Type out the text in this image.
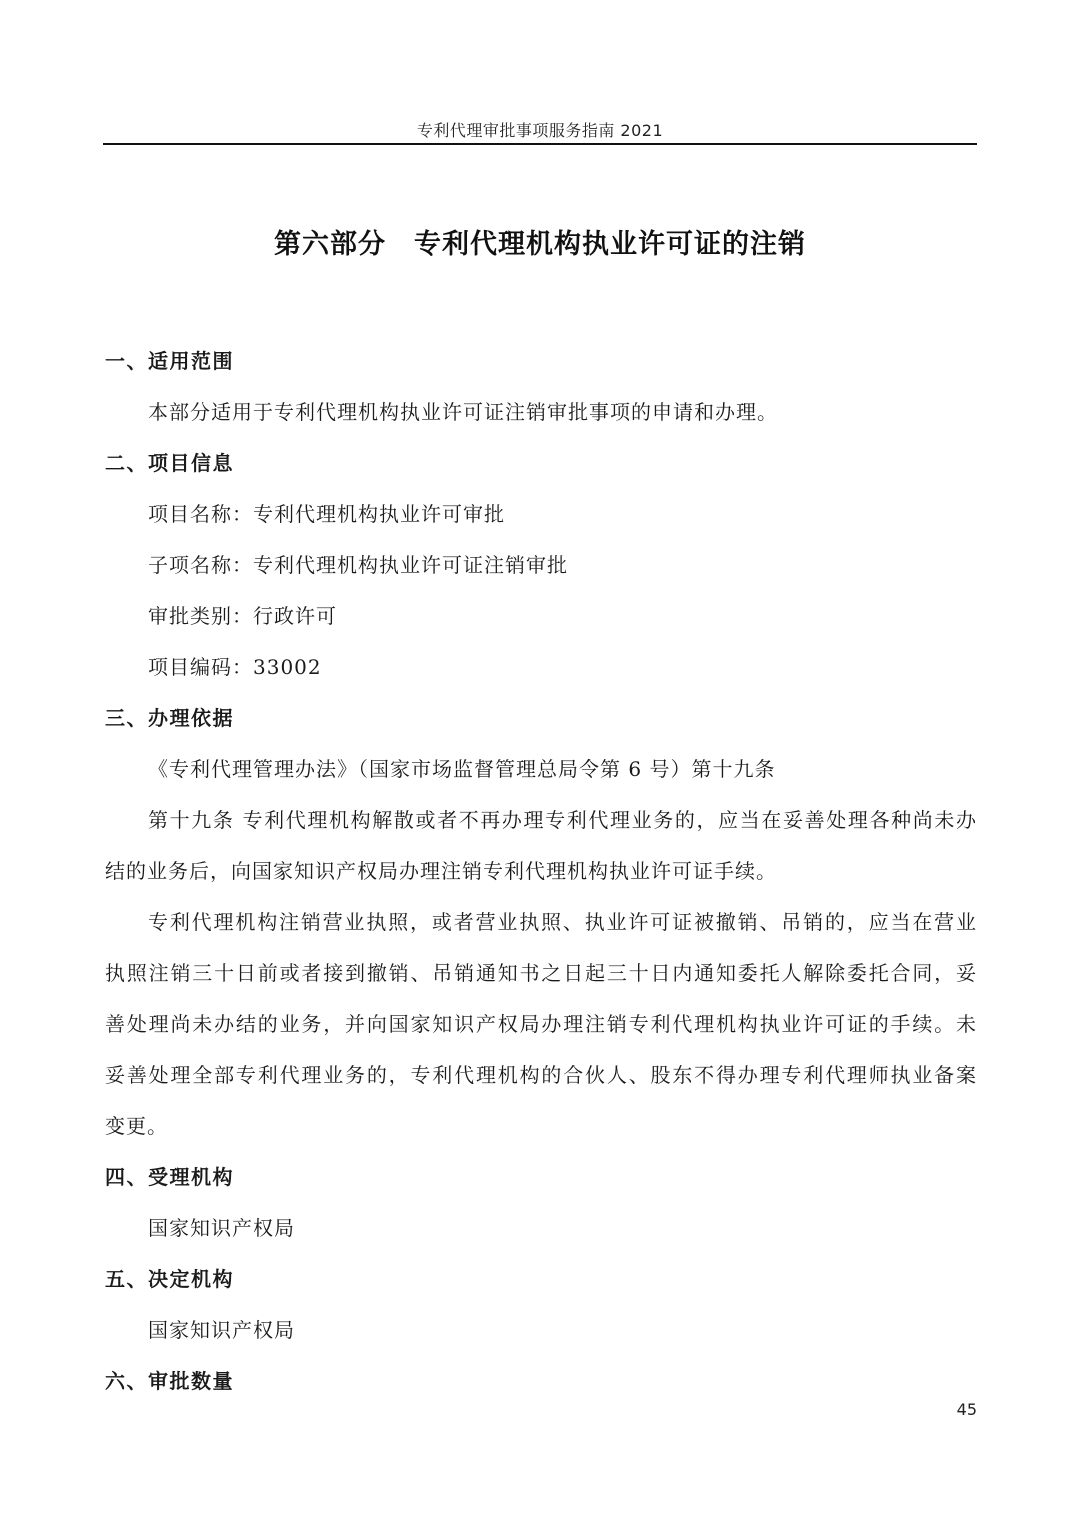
专利代理审批事项服务指南 2021
第六部分 专利代理机构执业许可证的注销
一、适用范围
本部分适用于专利代理机构执业许可证注销审批事项的申请和办理。
二、项目信息
项目名称：专利代理机构执业许可审批
子项名称：专利代理机构执业许可证注销审批
审批类别：行政许可
项目编码：33002
三、办理依据
《专利代理管理办法》（国家市场监督管理总局令第 6 号）第十九条
第十九条 专利代理机构解散或者不再办理专利代理业务的，应当在妥善处理各种尚未办
结的业务后，向国家知识产权局办理注销专利代理机构执业许可证手续。
专利代理机构注销营业执照，或者营业执照、执业许可证被撤销、吊销的，应当在营业
执照注销三十日前或者接到撤销、吊销通知书之日起三十日内通知委托人解除委托合同，妥
善处理尚未办结的业务，并向国家知识产权局办理注销专利代理机构执业许可证的手续。未
妥善处理全部专利代理业务的，专利代理机构的合伙人、股东不得办理专利代理师执业备案
变更。
四、受理机构
国家知识产权局
五、决定机构
国家知识产权局
六、审批数量
45
